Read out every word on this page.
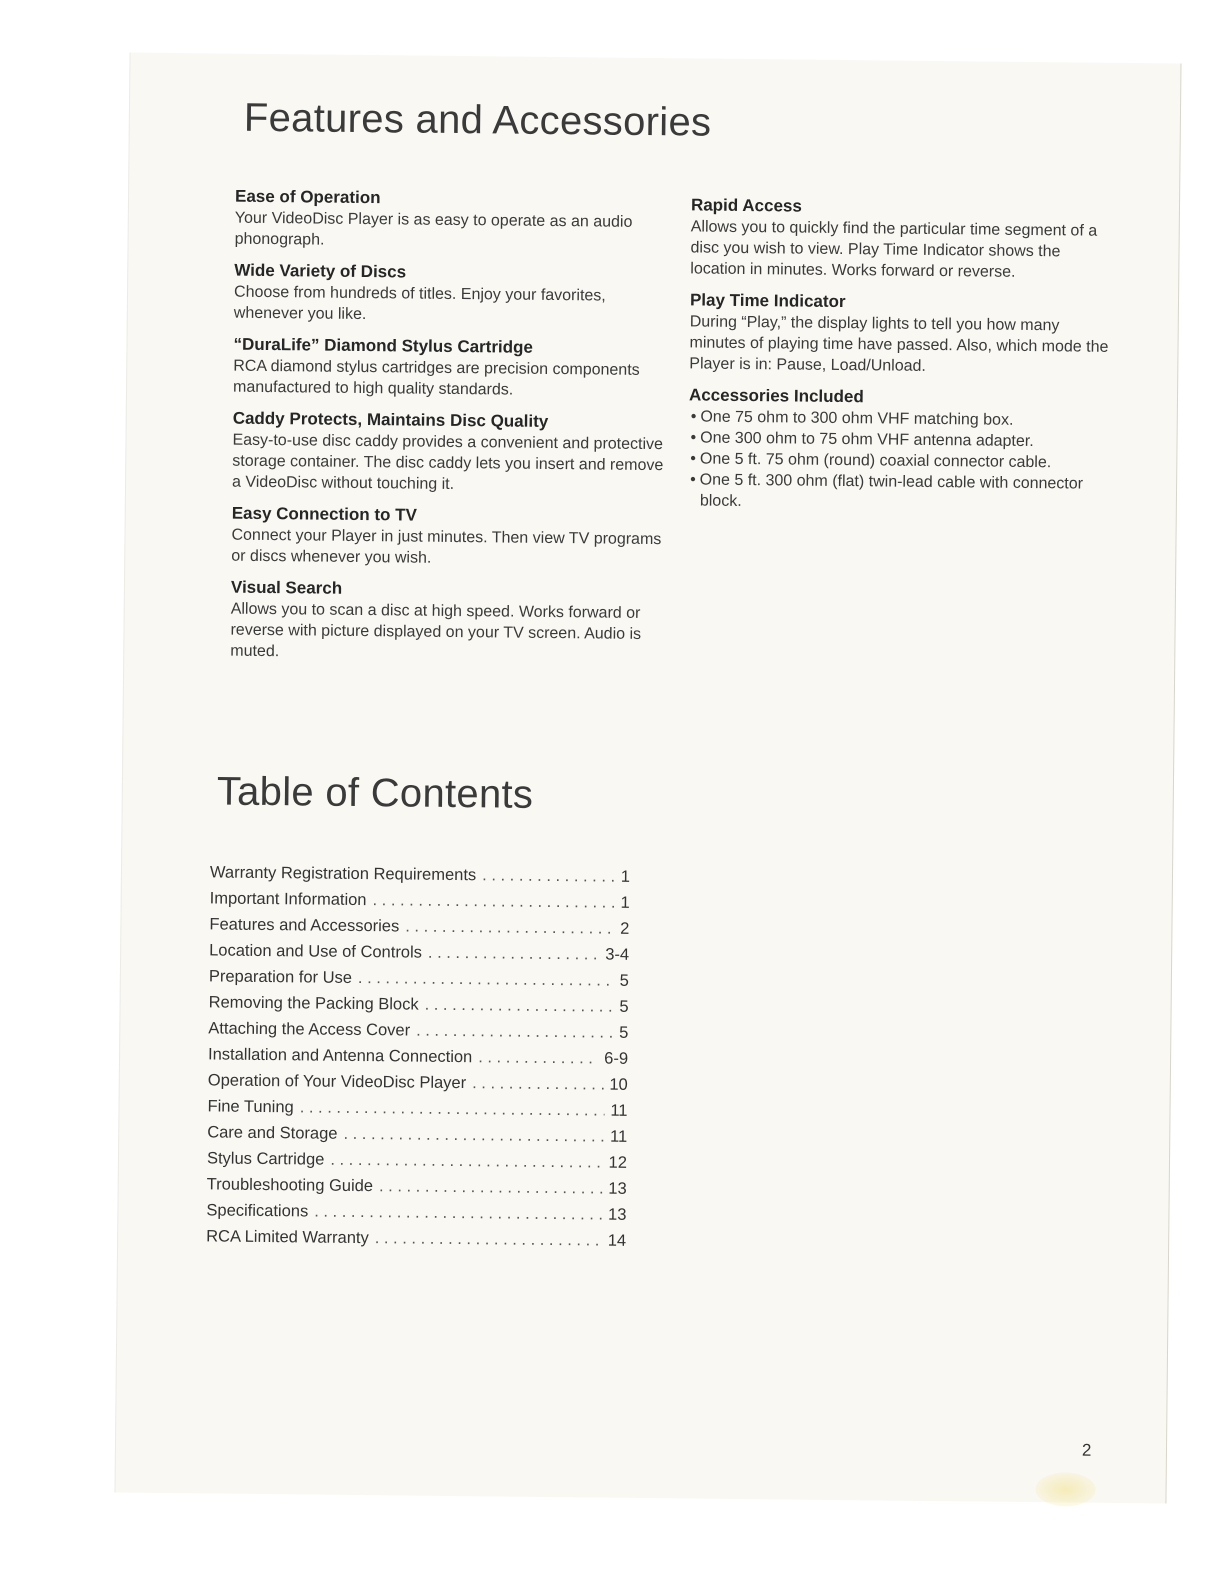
Features and Accessories
Ease of Operation
Your VideoDisc Player is as easy to operate as an audio phonograph.
Wide Variety of Discs
Choose from hundreds of titles. Enjoy your favorites, whenever you like.
“DuraLife” Diamond Stylus Cartridge
RCA diamond stylus cartridges are precision components manufactured to high quality standards.
Caddy Protects, Maintains Disc Quality
Easy-to-use disc caddy provides a convenient and protective storage container. The disc caddy lets you insert and remove a VideoDisc without touching it.
Easy Connection to TV
Connect your Player in just minutes. Then view TV programs or discs whenever you wish.
Visual Search
Allows you to scan a disc at high speed. Works forward or reverse with picture displayed on your TV screen. Audio is muted.
Rapid Access
Allows you to quickly find the particular time segment of a disc you wish to view. Play Time Indicator shows the location in minutes. Works forward or reverse.
Play Time Indicator
During “Play,” the display lights to tell you how many minutes of playing time have passed. Also, which mode the Player is in: Pause, Load/Unload.
Accessories Included
• One 75 ohm to 300 ohm VHF matching box.
• One 300 ohm to 75 ohm VHF antenna adapter.
• One 5 ft. 75 ohm (round) coaxial connector cable.
• One 5 ft. 300 ohm (flat) twin-lead cable with connector block.
Table of Contents
Warranty Registration Requirements . . .	1
Important Information . . .	1
Features and Accessories . . .	2
Location and Use of Controls . . .	3-4
Preparation for Use . . .	5
Removing the Packing Block . . .	5
Attaching the Access Cover . . .	5
Installation and Antenna Connection . . .	6-9
Operation of Your VideoDisc Player . . .	10
Fine Tuning . . .	11
Care and Storage . . .	11
Stylus Cartridge . . .	12
Troubleshooting Guide . . .	13
Specifications . . .	13
RCA Limited Warranty . . .	14
2
